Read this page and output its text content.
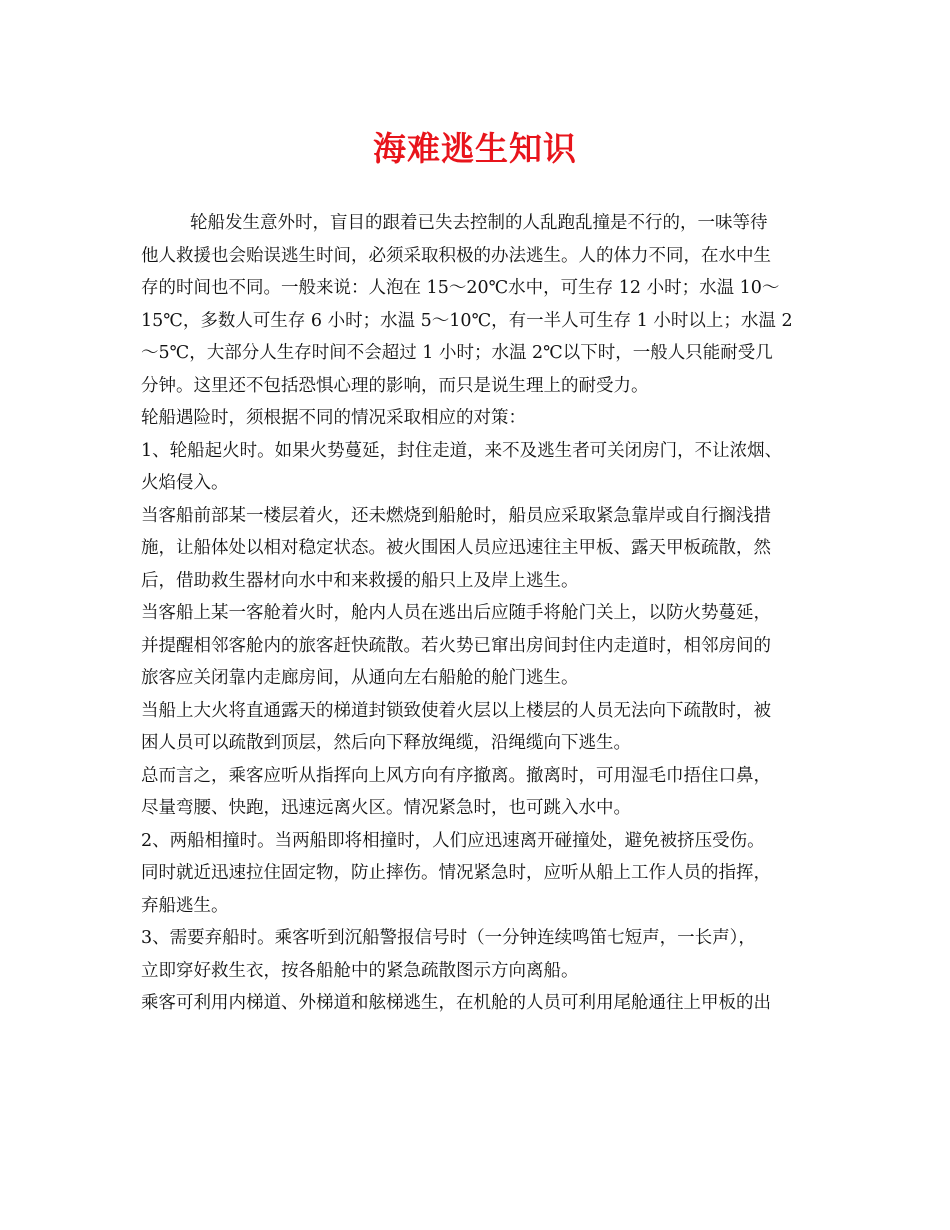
海难逃生知识
轮船发生意外时，盲目的跟着已失去控制的人乱跑乱撞是不行的，一味等待
他人救援也会贻误逃生时间，必须采取积极的办法逃生。人的体力不同，在水中生
存的时间也不同。一般来说：人泡在 15～20℃水中，可生存 12 小时；水温 10～
15℃，多数人可生存 6 小时；水温 5～10℃，有一半人可生存 1 小时以上；水温 2
～5℃，大部分人生存时间不会超过 1 小时；水温 2℃以下时，一般人只能耐受几
分钟。这里还不包括恐惧心理的影响，而只是说生理上的耐受力。
轮船遇险时，须根据不同的情况采取相应的对策：
1、轮船起火时。如果火势蔓延，封住走道，来不及逃生者可关闭房门，不让浓烟、
火焰侵入。
当客船前部某一楼层着火，还未燃烧到船舱时，船员应采取紧急靠岸或自行搁浅措
施，让船体处以相对稳定状态。被火围困人员应迅速往主甲板、露天甲板疏散，然
后，借助救生器材向水中和来救援的船只上及岸上逃生。
当客船上某一客舱着火时，舱内人员在逃出后应随手将舱门关上，以防火势蔓延，
并提醒相邻客舱内的旅客赶快疏散。若火势已窜出房间封住内走道时，相邻房间的
旅客应关闭靠内走廊房间，从通向左右船舱的舱门逃生。
当船上大火将直通露天的梯道封锁致使着火层以上楼层的人员无法向下疏散时，被
困人员可以疏散到顶层，然后向下释放绳缆，沿绳缆向下逃生。
总而言之，乘客应听从指挥向上风方向有序撤离。撤离时，可用湿毛巾捂住口鼻，
尽量弯腰、快跑，迅速远离火区。情况紧急时，也可跳入水中。
2、两船相撞时。当两船即将相撞时，人们应迅速离开碰撞处，避免被挤压受伤。
同时就近迅速拉住固定物，防止摔伤。情况紧急时，应听从船上工作人员的指挥，
弃船逃生。
3、需要弃船时。乘客听到沉船警报信号时（一分钟连续鸣笛七短声，一长声），
立即穿好救生衣，按各船舱中的紧急疏散图示方向离船。
乘客可利用内梯道、外梯道和舷梯逃生，在机舱的人员可利用尾舱通往上甲板的出
